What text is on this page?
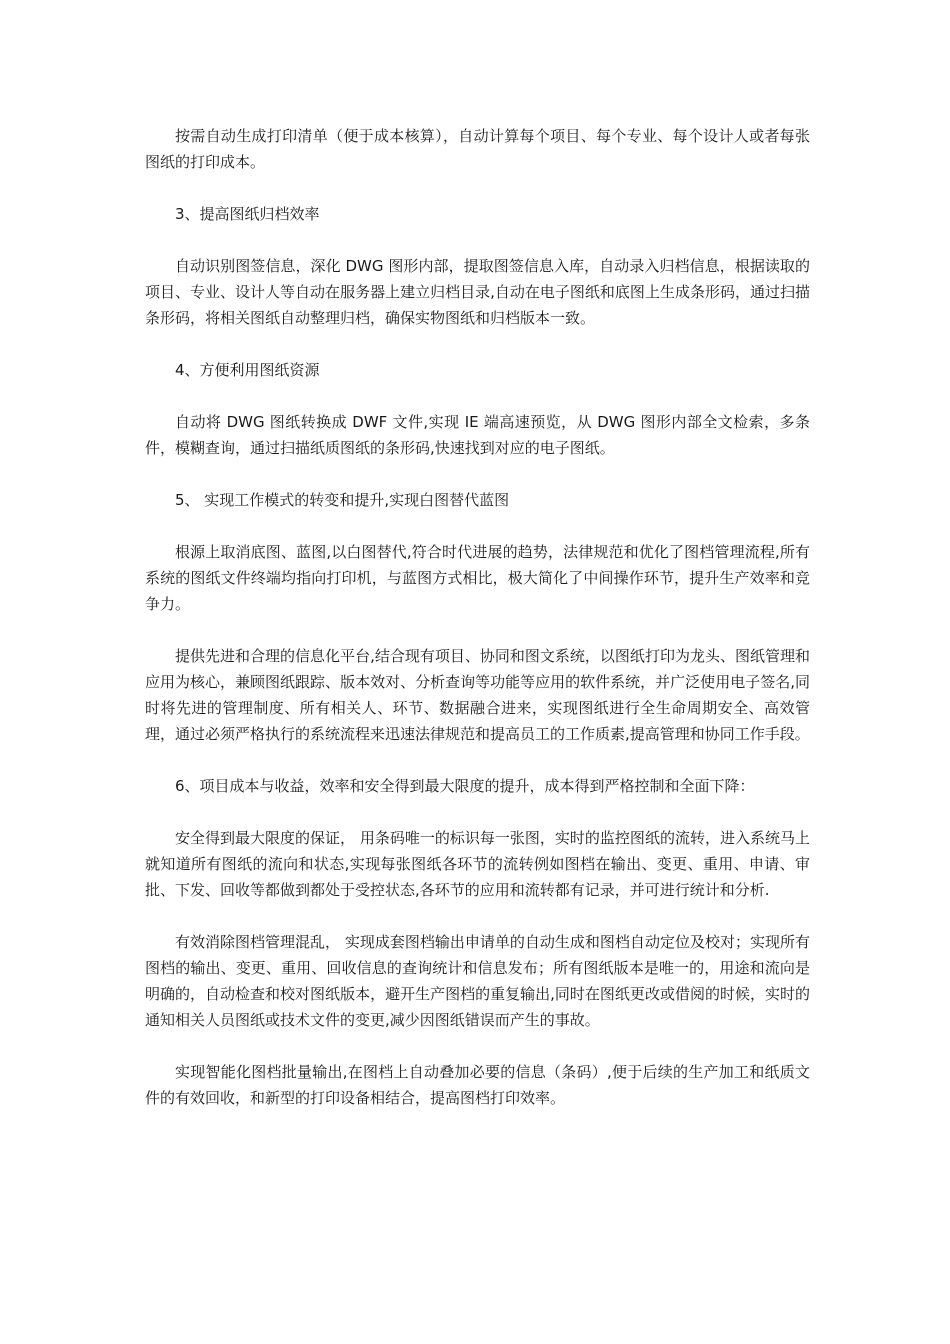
按需自动生成打印清单（便于成本核算），自动计算每个项目、每个专业、每个设计人或者每张图纸的打印成本。

3、提高图纸归档效率

自动识别图签信息，深化 DWG 图形内部，提取图签信息入库，自动录入归档信息，根据读取的项目、专业、设计人等自动在服务器上建立归档目录,自动在电子图纸和底图上生成条形码，通过扫描条形码，将相关图纸自动整理归档，确保实物图纸和归档版本一致。

4、方便利用图纸资源

自动将 DWG 图纸转换成 DWF 文件,实现 IE 端高速预览，从 DWG 图形内部全文检索，多条件，模糊查询，通过扫描纸质图纸的条形码,快速找到对应的电子图纸。

5、 实现工作模式的转变和提升,实现白图替代蓝图

根源上取消底图、蓝图,以白图替代,符合时代进展的趋势，法律规范和优化了图档管理流程,所有系统的图纸文件终端均指向打印机，与蓝图方式相比，极大简化了中间操作环节，提升生产效率和竞争力。

提供先进和合理的信息化平台,结合现有项目、协同和图文系统，以图纸打印为龙头、图纸管理和应用为核心，兼顾图纸跟踪、版本效对、分析查询等功能等应用的软件系统，并广泛使用电子签名,同时将先进的管理制度、所有相关人、环节、数据融合进来，实现图纸进行全生命周期安全、高效管理，通过必须严格执行的系统流程来迅速法律规范和提高员工的工作质素,提高管理和协同工作手段。

6、项目成本与收益，效率和安全得到最大限度的提升，成本得到严格控制和全面下降：

安全得到最大限度的保证， 用条码唯一的标识每一张图，实时的监控图纸的流转，进入系统马上就知道所有图纸的流向和状态,实现每张图纸各环节的流转例如图档在输出、变更、重用、申请、审批、下发、回收等都做到都处于受控状态,各环节的应用和流转都有记录，并可进行统计和分析.

有效消除图档管理混乱， 实现成套图档输出申请单的自动生成和图档自动定位及校对；实现所有图档的输出、变更、重用、回收信息的查询统计和信息发布；所有图纸版本是唯一的，用途和流向是明确的，自动检查和校对图纸版本，避开生产图档的重复输出,同时在图纸更改或借阅的时候，实时的通知相关人员图纸或技术文件的变更,减少因图纸错误而产生的事故。

实现智能化图档批量输出,在图档上自动叠加必要的信息（条码）,便于后续的生产加工和纸质文件的有效回收，和新型的打印设备相结合，提高图档打印效率。
